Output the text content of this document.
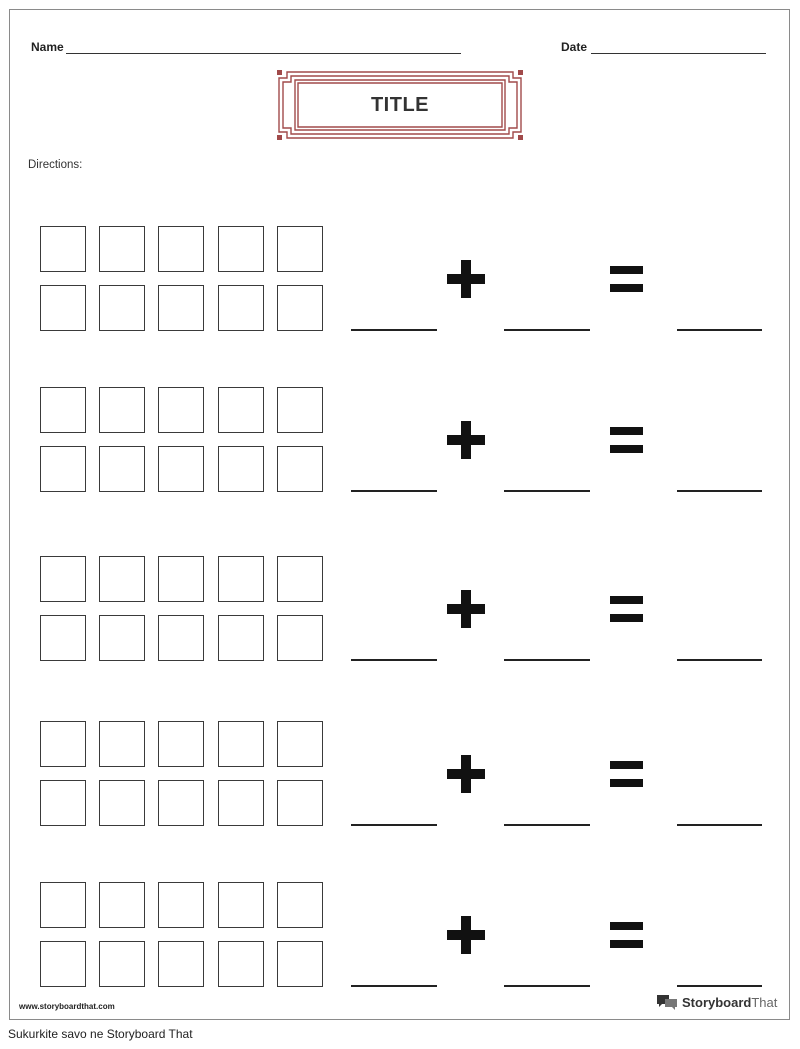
Name	Date
TITLE
Directions:
www.storyboardthat.com	StoryboardThat
Sukurkite savo ne Storyboard That
